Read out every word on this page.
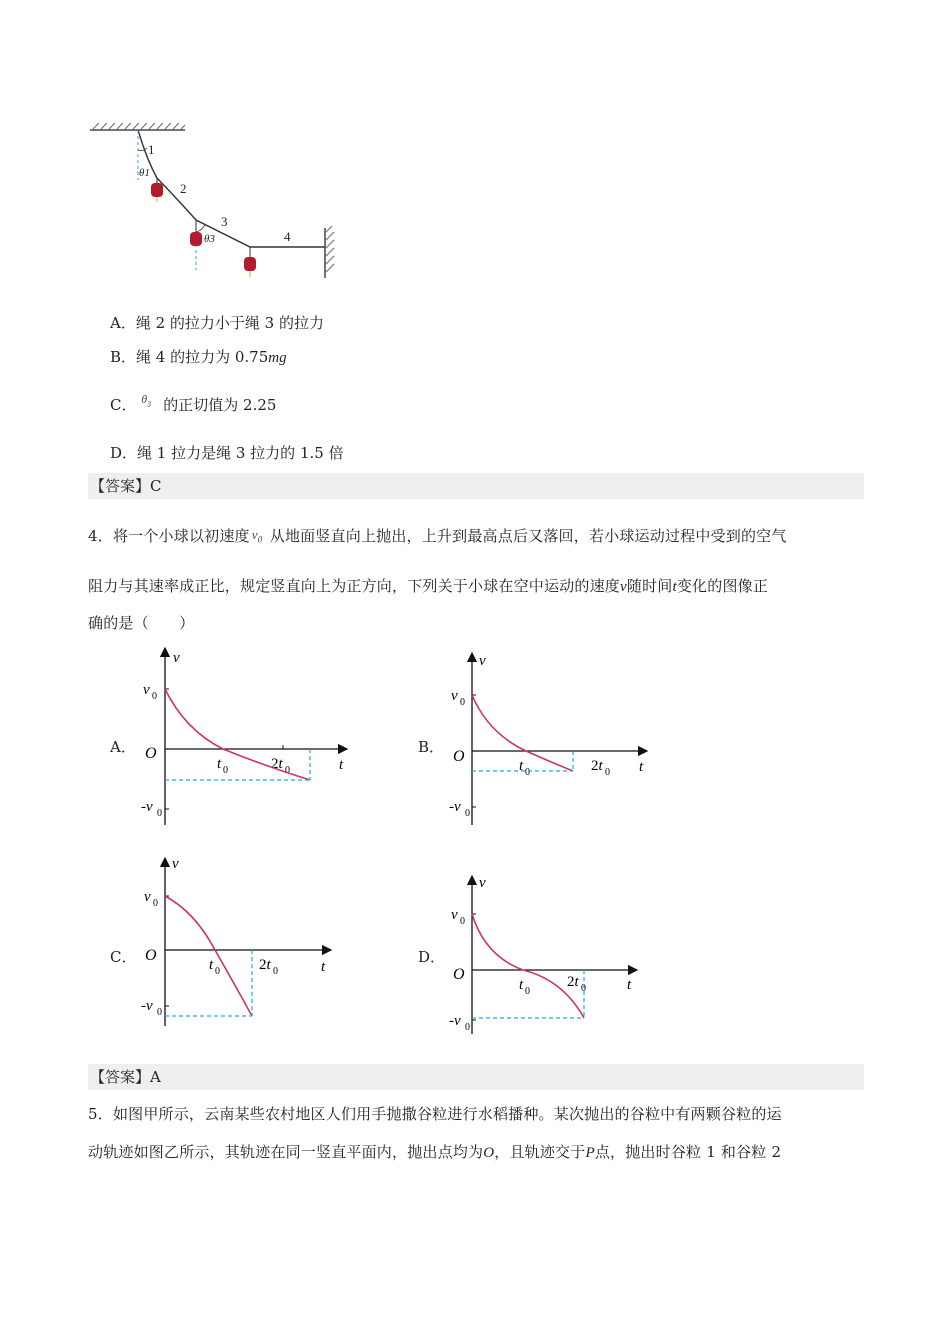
1
2
3
4
θ1
θ3
A．绳 2 的拉力小于绳 3 的拉力
B．绳 4 的拉力为 0.75mg
C． $\theta_3$ 的正切值为 2.25
D．绳 1 拉力是绳 3 拉力的 1.5 倍
【答案】C
4．将一个小球以初速度 $v_0$ 从地面竖直向上抛出，上升到最高点后又落回，若小球运动过程中受到的空气
阻力与其速率成正比，规定竖直向上为正方向，下列关于小球在空中运动的速度v随时间t变化的图像正
确的是（　　）
A．	B．
C．	D．
v
v 0
O
-v 0
t 0	2t 0	t
v
v 0
O
-v 0
t 0	2t 0 t
v
v 0
O
-v 0
t 0	2t 0	t
v
v 0
O
-v 0
t 0
2t 0	t
【答案】A
5．如图甲所示，云南某些农村地区人们用手抛撒谷粒进行水稻播种。某次抛出的谷粒中有两颗谷粒的运
动轨迹如图乙所示，其轨迹在同一竖直平面内，抛出点均为O，且轨迹交于P点，抛出时谷粒 1 和谷粒 2
